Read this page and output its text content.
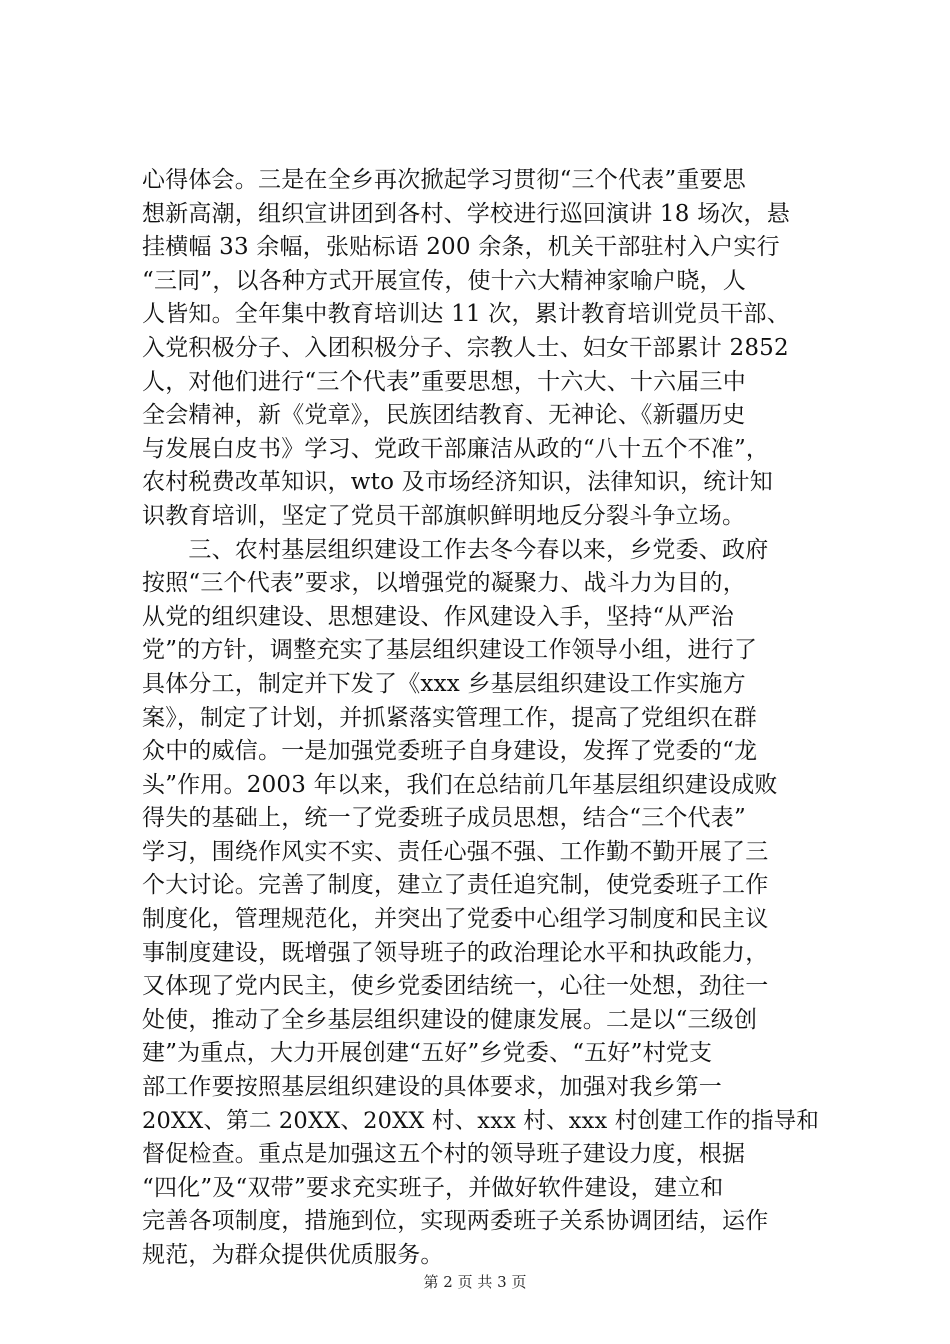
心得体会。三是在全乡再次掀起学习贯彻“三个代表”重要思
想新高潮，组织宣讲团到各村、学校进行巡回演讲 18 场次，悬
挂横幅 33 余幅，张贴标语 200 余条，机关干部驻村入户实行
“三同”，以各种方式开展宣传，使十六大精神家喻户晓，人
人皆知。全年集中教育培训达 11 次，累计教育培训党员干部、
入党积极分子、入团积极分子、宗教人士、妇女干部累计 2852
人，对他们进行“三个代表”重要思想，十六大、十六届三中
全会精神，新《党章》，民族团结教育、无神论、《新疆历史
与发展白皮书》学习、党政干部廉洁从政的“八十五个不准”，
农村税费改革知识，wto 及市场经济知识，法律知识，统计知
识教育培训，坚定了党员干部旗帜鲜明地反分裂斗争立场。
　　三、农村基层组织建设工作去冬今春以来，乡党委、政府
按照“三个代表”要求，以增强党的凝聚力、战斗力为目的，
从党的组织建设、思想建设、作风建设入手，坚持“从严治
党”的方针，调整充实了基层组织建设工作领导小组，进行了
具体分工，制定并下发了《xxx 乡基层组织建设工作实施方
案》，制定了计划，并抓紧落实管理工作，提高了党组织在群
众中的威信。一是加强党委班子自身建设，发挥了党委的“龙
头”作用。2003 年以来，我们在总结前几年基层组织建设成败
得失的基础上，统一了党委班子成员思想，结合“三个代表”
学习，围绕作风实不实、责任心强不强、工作勤不勤开展了三
个大讨论。完善了制度，建立了责任追究制，使党委班子工作
制度化，管理规范化，并突出了党委中心组学习制度和民主议
事制度建设，既增强了领导班子的政治理论水平和执政能力，
又体现了党内民主，使乡党委团结统一，心往一处想，劲往一
处使，推动了全乡基层组织建设的健康发展。二是以“三级创
建”为重点，大力开展创建“五好”乡党委、“五好”村党支
部工作要按照基层组织建设的具体要求，加强对我乡第一
20XX、第二 20XX、20XX 村、xxx 村、xxx 村创建工作的指导和
督促检查。重点是加强这五个村的领导班子建设力度，根据
“四化”及“双带”要求充实班子，并做好软件建设，建立和
完善各项制度，措施到位，实现两委班子关系协调团结，运作
规范，为群众提供优质服务。
第 2 页 共 3 页
